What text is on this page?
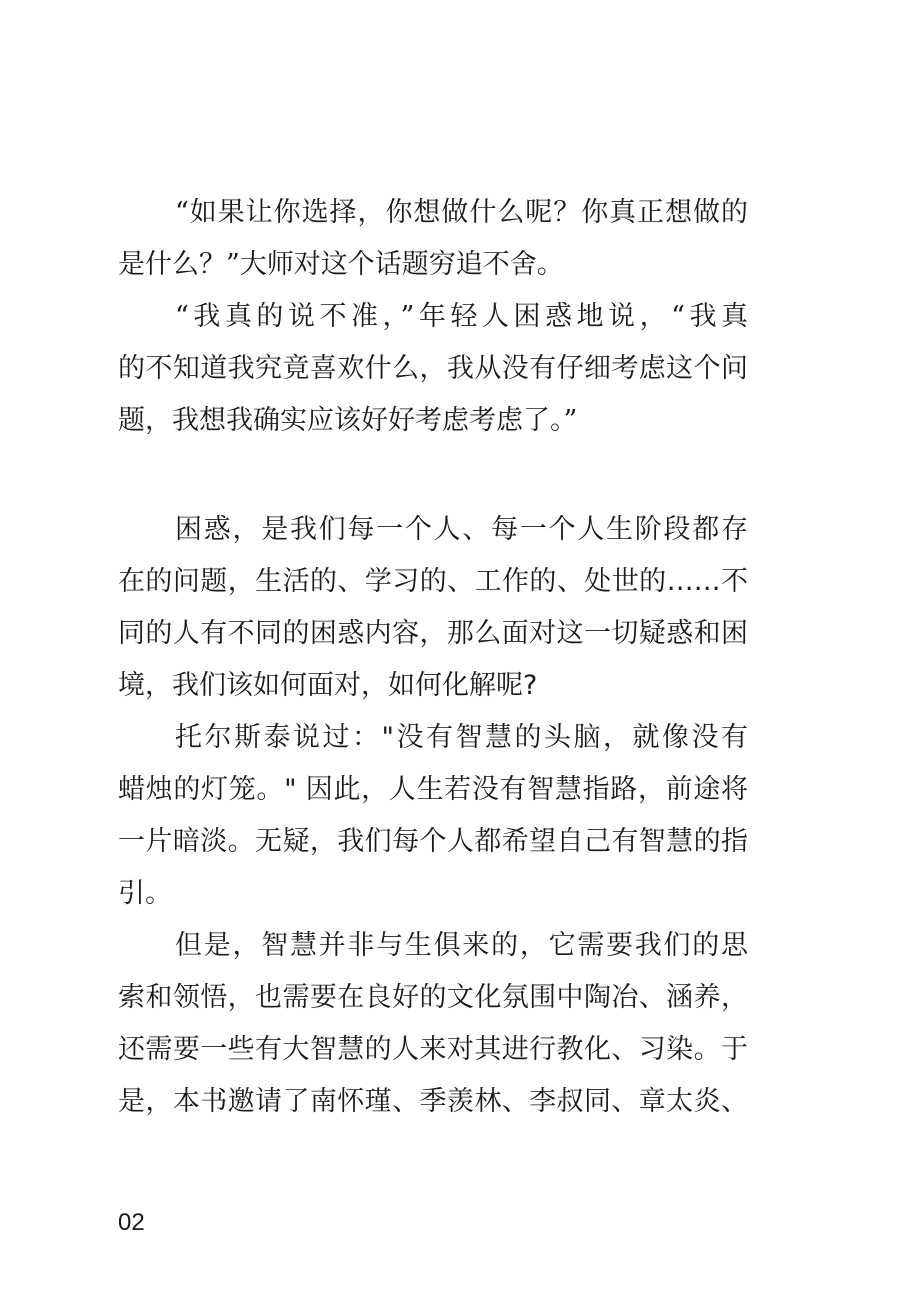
“如果让你选择，你想做什么呢？你真正想做的
是什么？”大师对这个话题穷追不舍。
“我真的说不准，”年轻人困惑地说，“我真
的不知道我究竟喜欢什么，我从没有仔细考虑这个问
题，我想我确实应该好好考虑考虑了。”
困惑，是我们每一个人、每一个人生阶段都存
在的问题，生活的、学习的、工作的、处世的……不
同的人有不同的困惑内容，那么面对这一切疑惑和困
境，我们该如何面对，如何化解呢?
托尔斯泰说过："没有智慧的头脑，就像没有
蜡烛的灯笼。" 因此，人生若没有智慧指路，前途将
一片暗淡。无疑，我们每个人都希望自己有智慧的指
引。
但是，智慧并非与生俱来的，它需要我们的思
索和领悟，也需要在良好的文化氛围中陶冶、涵养，
还需要一些有大智慧的人来对其进行教化、习染。于
是，本书邀请了南怀瑾、季羡林、李叔同、章太炎、
02
